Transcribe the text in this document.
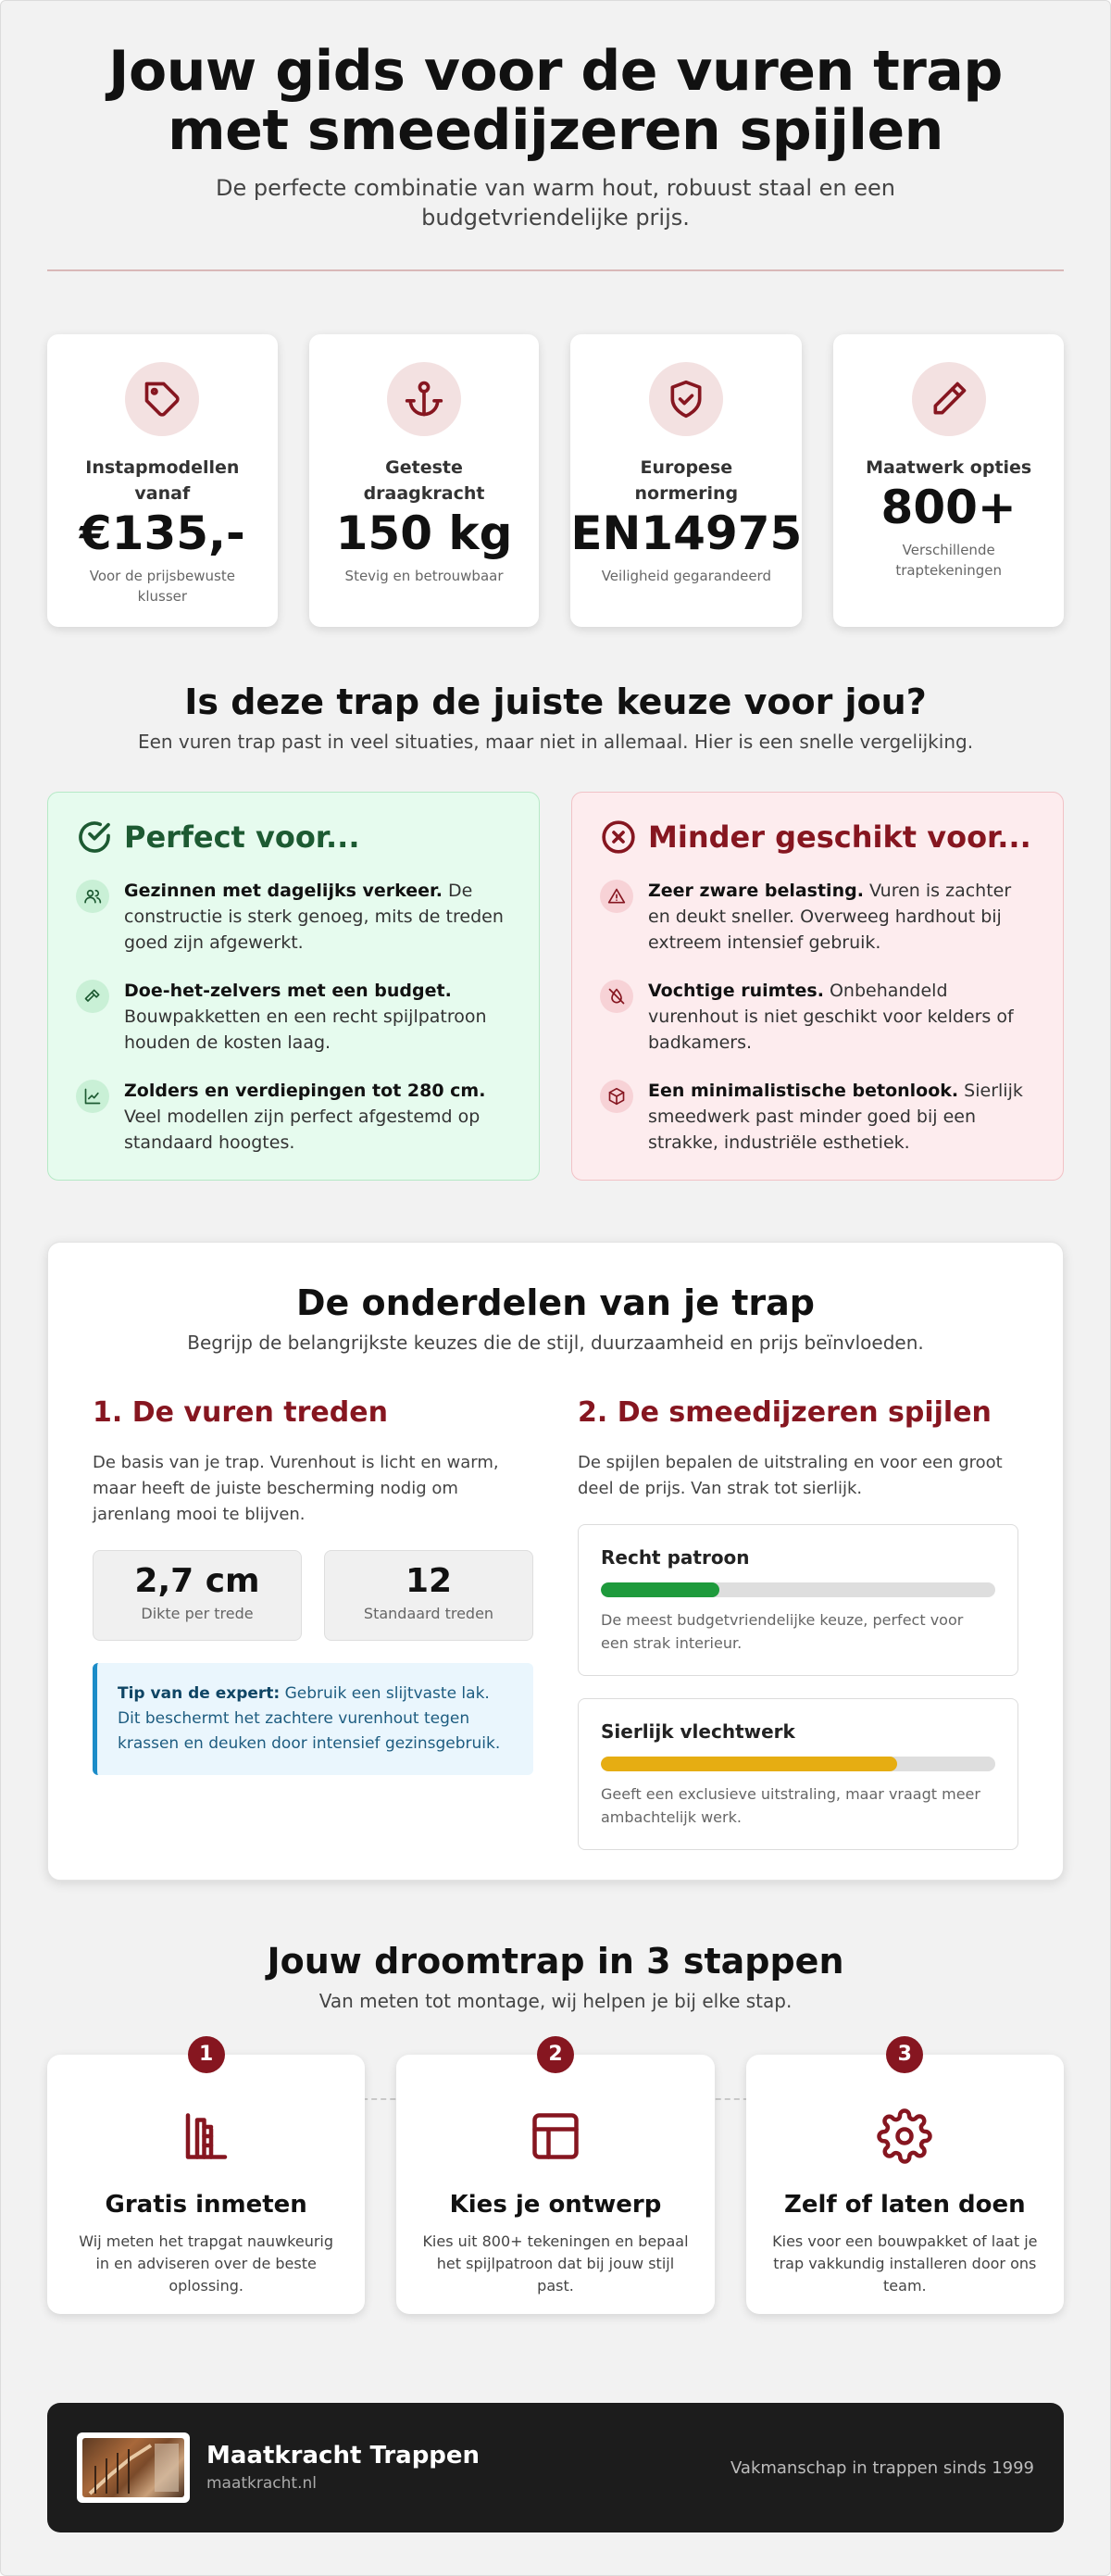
Jouw gids voor de vuren trap met smeedijzeren spijlen

De perfecte combinatie van warm hout, robuust staal en een budgetvriendelijke prijs.

Instapmodellen vanaf
€135,-
Voor de prijsbewuste klusser
Geteste draagkracht
150 kg
Stevig en betrouwbaar
Europese normering
EN14975
Veiligheid gegarandeerd
Maatwerk opties
800+
Verschillende traptekeningen
Is deze trap de juiste keuze voor jou?

Een vuren trap past in veel situaties, maar niet in allemaal. Hier is een snelle vergelijking.

Perfect voor...
Gezinnen met dagelijks verkeer. De constructie is sterk genoeg, mits de treden goed zijn afgewerkt.
Doe-het-zelvers met een budget. Bouwpakketten en een recht spijlpatroon houden de kosten laag.
Zolders en verdiepingen tot 280 cm. Veel modellen zijn perfect afgestemd op standaard hoogtes.
Minder geschikt voor...
Zeer zware belasting. Vuren is zachter en deukt sneller. Overweeg hardhout bij extreem intensief gebruik.
Vochtige ruimtes. Onbehandeld vurenhout is niet geschikt voor kelders of badkamers.
Een minimalistische betonlook. Sierlijk smeedwerk past minder goed bij een strakke, industriële esthetiek.
De onderdelen van je trap

Begrijp de belangrijkste keuzes die de stijl, duurzaamheid en prijs beïnvloeden.

1. De vuren treden

De basis van je trap. Vurenhout is licht en warm, maar heeft de juiste bescherming nodig om jarenlang mooi te blijven.

2,7 cm
Dikte per trede
12
Standaard treden
Tip van de expert: Gebruik een slijtvaste lak. Dit beschermt het zachtere vurenhout tegen krassen en deuken door intensief gezinsgebruik.
2. De smeedijzeren spijlen

De spijlen bepalen de uitstraling en voor een groot deel de prijs. Van strak tot sierlijk.

Recht patroon

De meest budgetvriendelijke keuze, perfect voor een strak interieur.

Sierlijk vlechtwerk

Geeft een exclusieve uitstraling, maar vraagt meer ambachtelijk werk.

Jouw droomtrap in 3 stappen

Van meten tot montage, wij helpen je bij elke stap.

1
Gratis inmeten

Wij meten het trapgat nauwkeurig in en adviseren over de beste oplossing.

2
Kies je ontwerp

Kies uit 800+ tekeningen en bepaal het spijlpatroon dat bij jouw stijl past.

3
Zelf of laten doen

Kies voor een bouwpakket of laat je trap vakkundig installeren door ons team.

Maatkracht Trappen
maatkracht.nl
Vakmanschap in trappen sinds 1999
